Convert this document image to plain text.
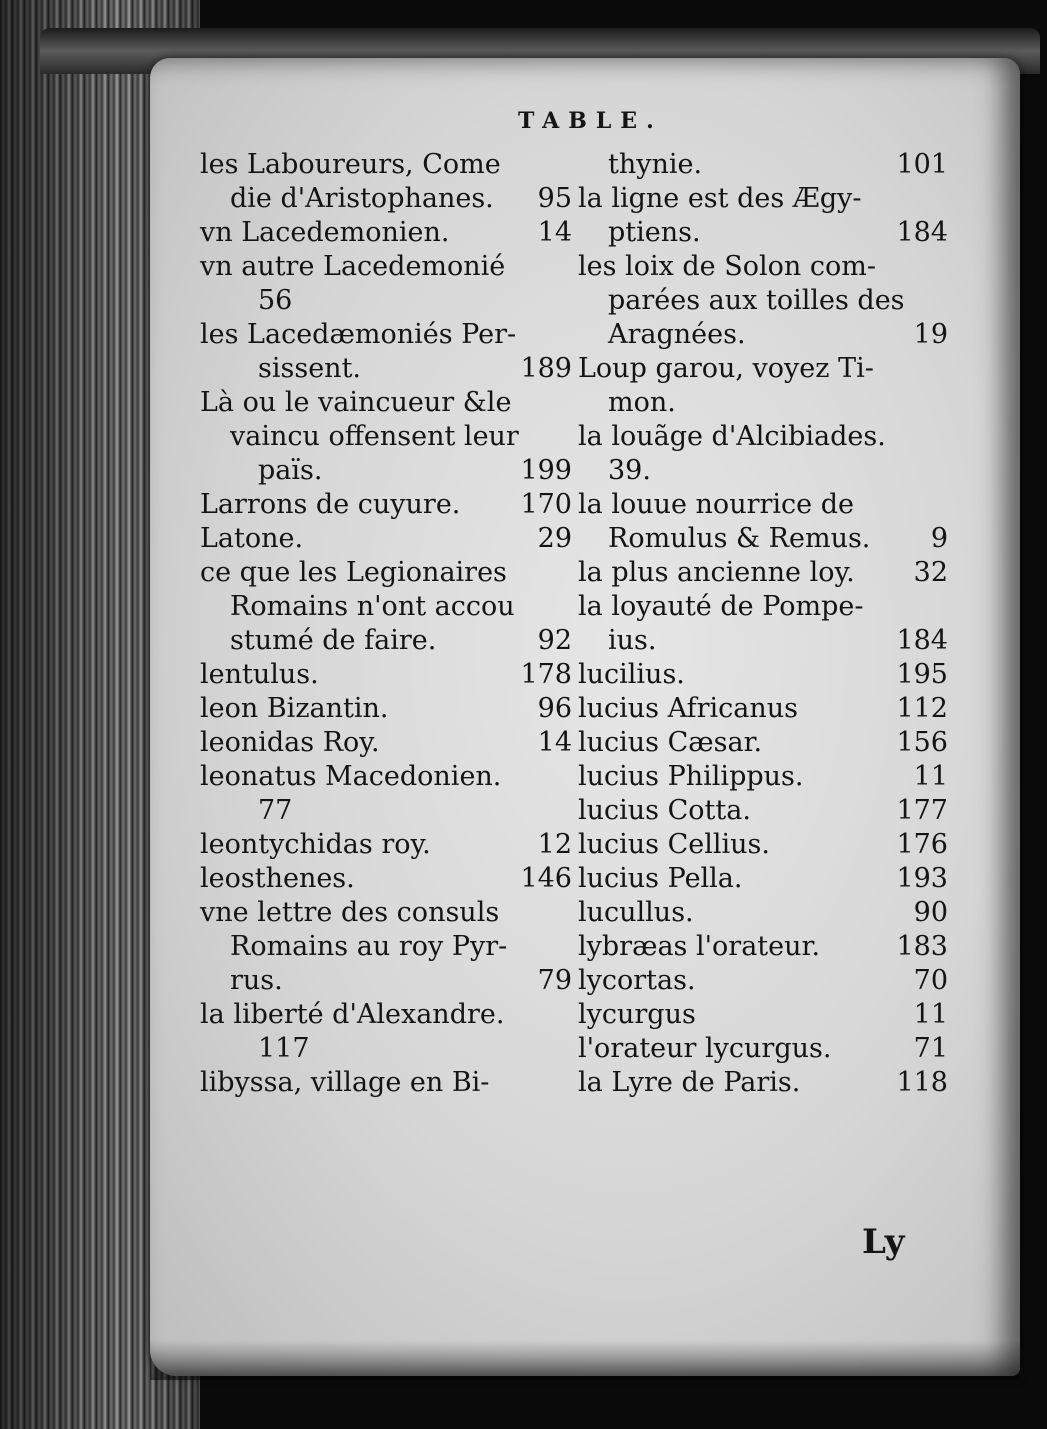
TABLE.
les Laboureurs, Come
die d'Aristophanes. 95
vn Lacedemonien.	14
vn autre Lacedemonié
56
les Lacedæmoniés Per-
sissent.	189
Là ou le vaincueur &le
vaincu offensent leur
païs.	199
Larrons de cuyure. 170
Latone.	29
ce que les Legionaires
Romains n'ont accou
stumé de faire.	92
lentulus.	178
leon Bizantin.	96
leonidas Roy.	14
leonatus Macedonien.
77
leontychidas roy.	12
leosthenes.	146
vne lettre des consuls
Romains au roy Pyr-
rus.	79
la liberté d'Alexandre.
117
libyssa, village en Bi-
thynie.	101
la ligne est des Ægy-
ptiens.	184
les loix de Solon com-
parées aux toilles des
Aragnées.	19
Loup garou, voyez Ti-
mon.
la louãge d'Alcibiades.
39.
la louue nourrice de
Romulus & Remus. 9
la plus ancienne loy. 32
la loyauté de Pompe-
ius.	184
lucilius.	195
lucius Africanus	112
lucius Cæsar.	156
lucius Philippus.	11
lucius Cotta.	177
lucius Cellius.	176
lucius Pella.	193
lucullus.	90
lybræas l'orateur.	183
lycortas.	70
lycurgus	11
l'orateur lycurgus.	71
la Lyre de Paris.	118
Ly
